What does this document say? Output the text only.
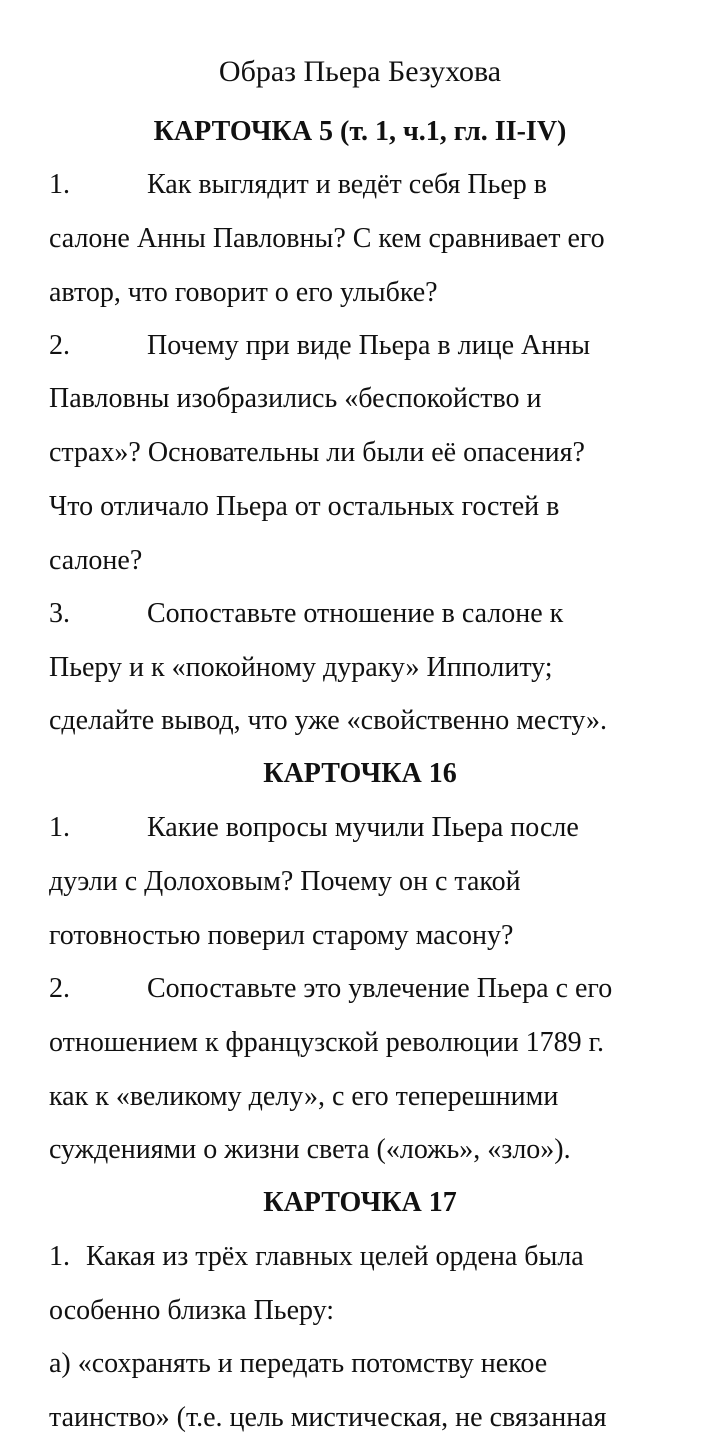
Образ Пьера Безухова
КАРТОЧКА 5 (т. 1, ч.1, гл. II-IV)
1.	Как выглядит и ведёт себя Пьер в
салоне Анны Павловны? С кем сравнивает его
автор, что говорит о его улыбке?
2.	Почему при виде Пьера в лице Анны
Павловны изобразились «беспокойство и
страх»? Основательны ли были её опасения?
Что отличало Пьера от остальных гостей в
салоне?
3.	Сопоставьте отношение в салоне к
Пьеру и к «покойному дураку» Ипполиту;
сделайте вывод, что уже «свойственно месту».
КАРТОЧКА 16
1.	Какие вопросы мучили Пьера после
дуэли с Долоховым? Почему он с такой
готовностью поверил старому масону?
2.	Сопоставьте это увлечение Пьера с его
отношением к французской революции 1789 г.
как к «великому делу», с его теперешними
суждениями о жизни света («ложь», «зло»).
КАРТОЧКА 17
1. Какая из трёх главных целей ордена была
особенно близка Пьеру:
а) «сохранять и передать потомству некое
таинство» (т.е. цель мистическая, не связанная
